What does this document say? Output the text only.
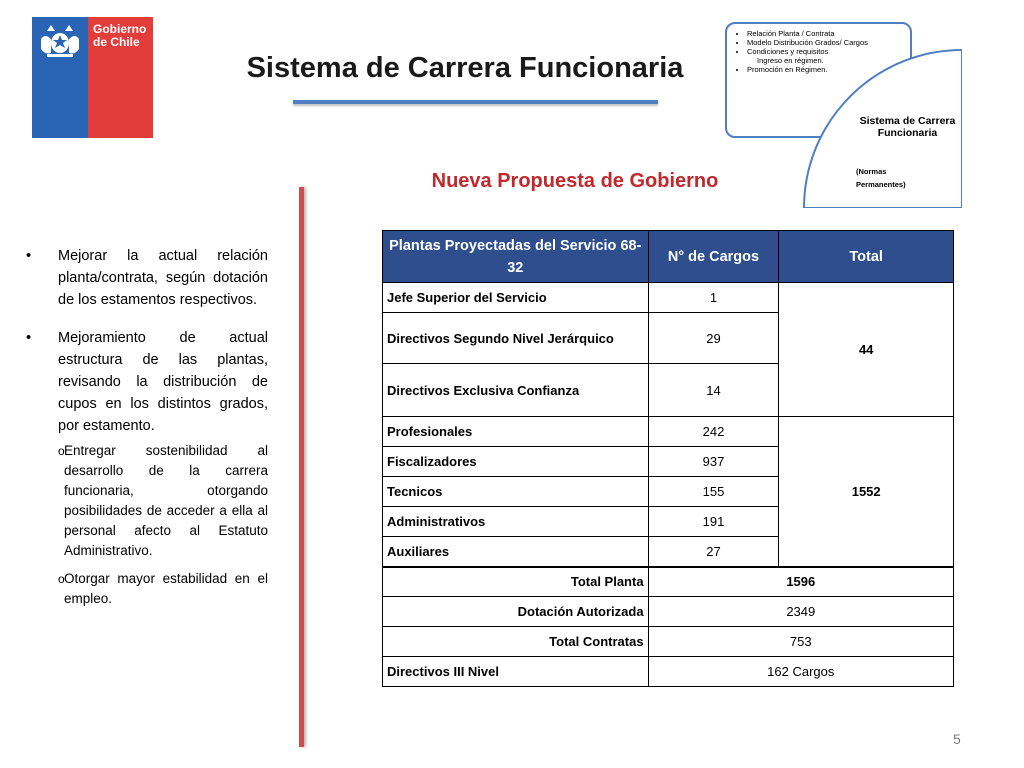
Gobierno
de Chile
Sistema de Carrera Funcionaria
• Relación Planta / Contrata
• Modelo Distribución Grados/ Cargos
• Condiciones y requisitos
Ingreso en régimen.
• Promoción en Régimen.
Sistema de Carrera Funcionaria
(Normas
Permanentes)
Nueva Propuesta de Gobierno
•	Mejorar la actual relación planta/contrata, según dotación de los estamentos respectivos.
•	Mejoramiento de actual estructura de las plantas, revisando la distribución de cupos en los distintos grados, por estamento.
o Entregar sostenibilidad al desarrollo de la carrera funcionaria, otorgando posibilidades de acceder a ella al personal afecto al Estatuto Administrativo.
o Otorgar mayor estabilidad en el empleo.
Plantas Proyectadas del Servicio 68-32	N° de Cargos	Total
Jefe Superior del Servicio	1	44
Directivos Segundo Nivel Jerárquico	29	
Directivos Exclusiva Confianza	14	
Profesionales	242	1552
Fiscalizadores	937	
Tecnicos	155	
Administrativos	191	
Auxiliares	27	
Total Planta	1596	
Dotación Autorizada	2349	
Total Contratas	753	
Directivos III Nivel	162 Cargos	
5
